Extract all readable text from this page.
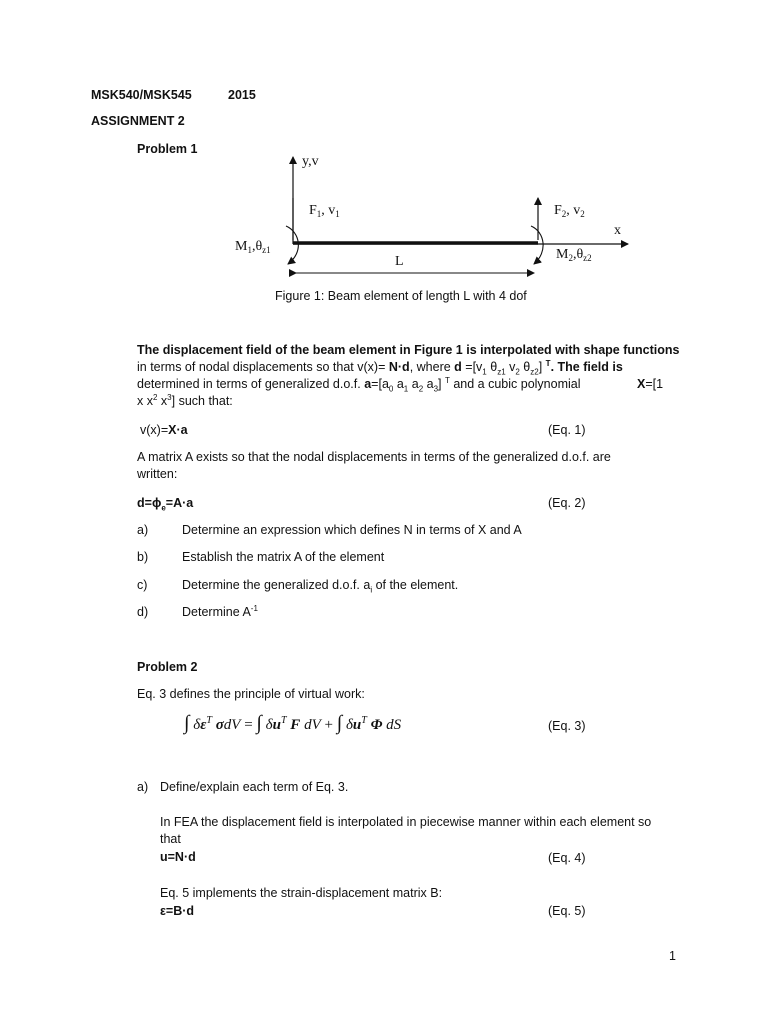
MSK540/MSK545	2015
ASSIGNMENT 2
Problem 1
y,v
x
$F_1$, $v_1$	$F_2$, $v_2$
$M_1,\theta_{z1}$	$M_2,\theta_{z2}$
L
Figure 1: Beam element of length L with 4 dof
The displacement field of the beam element in Figure 1 is interpolated with shape functions
in terms of nodal displacements so that v(x)= N·d, where $d =[v_1$ $\theta_{z1}$ $v_2$ $\theta_{z2}$] $^T$. The field is
determined in terms of generalized d.o.f. $a=[a_0$ $a_1$ $a_2$ $a_3$] $^T$ and a cubic polynomial	X=[1
x $x^2$ $x^3$] such that:
v(x)=X·a	(Eq. 1)
A matrix A exists so that the nodal displacements in terms of the generalized d.o.f. are
written:
$d=\phi_e=A\cdot a$	(Eq. 2)
a)	Determine an expression which defines N in terms of X and A
b)	Establish the matrix A of the element
c)	Determine the generalized d.o.f. $a_i$ of the element.
d)	Determine $A^{-1}$
Problem 2
Eq. 3 defines the principle of virtual work:
∫ $\delta\varepsilon^T$ σdV = ∫ $\delta u^T$ F dV + ∫ $\delta u^T$ Φ dS	(Eq. 3)
a) Define/explain each term of Eq. 3.
In FEA the displacement field is interpolated in piecewise manner within each element so
that
u=N·d	(Eq. 4)
Eq. 5 implements the strain-displacement matrix B:
ε=B·d	(Eq. 5)
1
